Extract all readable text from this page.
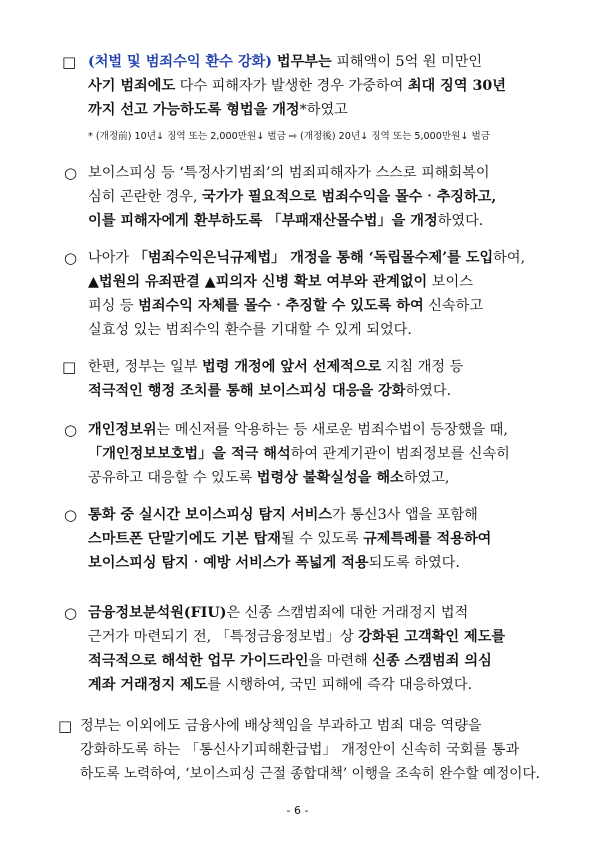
□ (처벌 및 범죄수익 환수 강화) 법무부는 피해액이 5억 원 미만인
사기 범죄에도 다수 피해자가 발생한 경우 가중하여 최대 징역 30년
까지 선고 가능하도록 형법을 개정*하였고
* (개정前) 10년↓ 징역 또는 2,000만원↓ 벌금 ⇨ (개정後) 20년↓ 징역 또는 5,000만원↓ 벌금
○ 보이스피싱 등 ‘특정사기범죄’의 범죄피해자가 스스로 피해회복이
심히 곤란한 경우, 국가가 필요적으로 범죄수익을 몰수‧추징하고,
이를 피해자에게 환부하도록 「부패재산몰수법」을 개정하였다.
○ 나아가 「범죄수익은닉규제법」 개정을 통해 ‘독립몰수제’를 도입하여,
▲법원의 유죄판결 ▲피의자 신병 확보 여부와 관계없이 보이스
피싱 등 범죄수익 자체를 몰수‧추징할 수 있도록 하여 신속하고
실효성 있는 범죄수익 환수를 기대할 수 있게 되었다.
□ 한편, 정부는 일부 법령 개정에 앞서 선제적으로 지침 개정 등
적극적인 행정 조치를 통해 보이스피싱 대응을 강화하였다.
○ 개인정보위는 메신저를 악용하는 등 새로운 범죄수법이 등장했을 때,
「개인정보보호법」을 적극 해석하여 관계기관이 범죄정보를 신속히
공유하고 대응할 수 있도록 법령상 불확실성을 해소하였고,
○ 통화 중 실시간 보이스피싱 탐지 서비스가 통신3사 앱을 포함해
스마트폰 단말기에도 기본 탑재될 수 있도록 규제특례를 적용하여
보이스피싱 탐지‧예방 서비스가 폭넓게 적용되도록 하였다.
○ 금융정보분석원(FIU)은 신종 스캠범죄에 대한 거래정지 법적
근거가 마련되기 전, 「특정금융정보법」상 강화된 고객확인 제도를
적극적으로 해석한 업무 가이드라인을 마련해 신종 스캠범죄 의심
계좌 거래정지 제도를 시행하여, 국민 피해에 즉각 대응하였다.
□ 정부는 이외에도 금융사에 배상책임을 부과하고 범죄 대응 역량을
강화하도록 하는 「통신사기피해환급법」 개정안이 신속히 국회를 통과
하도록 노력하여, ‘보이스피싱 근절 종합대책’ 이행을 조속히 완수할 예정이다.
- 6 -
